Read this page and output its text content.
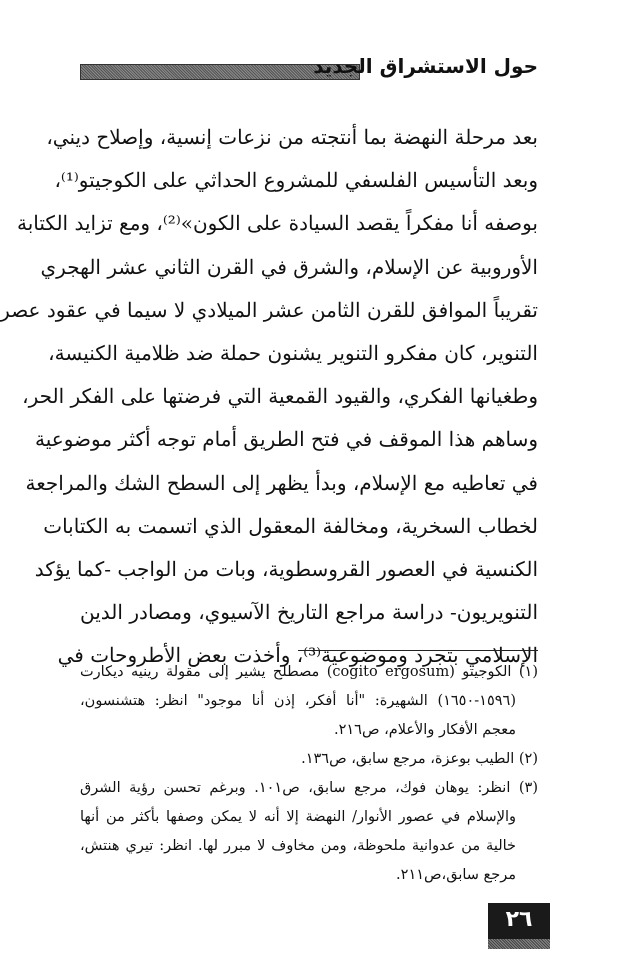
حول الاستشراق الجديد
بعد مرحلة النهضة بما أنتجته من نزعات إنسية، وإصلاح ديني،
وبعد التأسيس الفلسفي للمشروع الحداثي على الكوجيتو⁽¹⁾،
بوصفه أنا مفكراً يقصد السيادة على الكون»⁽²⁾، ومع تزايد الكتابة
الأوروبية عن الإسلام، والشرق في القرن الثاني عشر الهجري
تقريباً الموافق للقرن الثامن عشر الميلادي لا سيما في عقود عصر
التنوير، كان مفكرو التنوير يشنون حملة ضد ظلامية الكنيسة،
وطغيانها الفكري، والقيود القمعية التي فرضتها على الفكر الحر،
وساهم هذا الموقف في فتح الطريق أمام توجه أكثر موضوعية
في تعاطيه مع الإسلام، وبدأ يظهر إلى السطح الشك والمراجعة
لخطاب السخرية، ومخالفة المعقول الذي اتسمت به الكتابات
الكنسية في العصور القروسطوية، وبات من الواجب -كما يؤكد
التنويريون- دراسة مراجع التاريخ الآسيوي، ومصادر الدين
الإسلامي بتجرد وموضوعية⁽³⁾، وأخذت بعض الأطروحات في
(١) الكوجيتو (cogito ergosum) مصطلح يشير إلى مقولة رينيه ديكارت
(١٥٩٦-١٦٥٠) الشهيرة: "أنا أفكر، إذن أنا موجود" انظر: هتشنسون،
معجم الأفكار والأعلام، ص٢١٦.
(٢) الطيب بوعزة، مرجع سابق، ص١٣٦.
(٣) انظر: يوهان فوك، مرجع سابق، ص١٠١. وبرغم تحسن رؤية الشرق
والإسلام في عصور الأنوار/ النهضة إلا أنه لا يمكن وصفها بأكثر من أنها
خالية من عدوانية ملحوظة، ومن مخاوف لا مبرر لها. انظر: تيري هنتش،
مرجع سابق،ص٢١١.
٢٦
